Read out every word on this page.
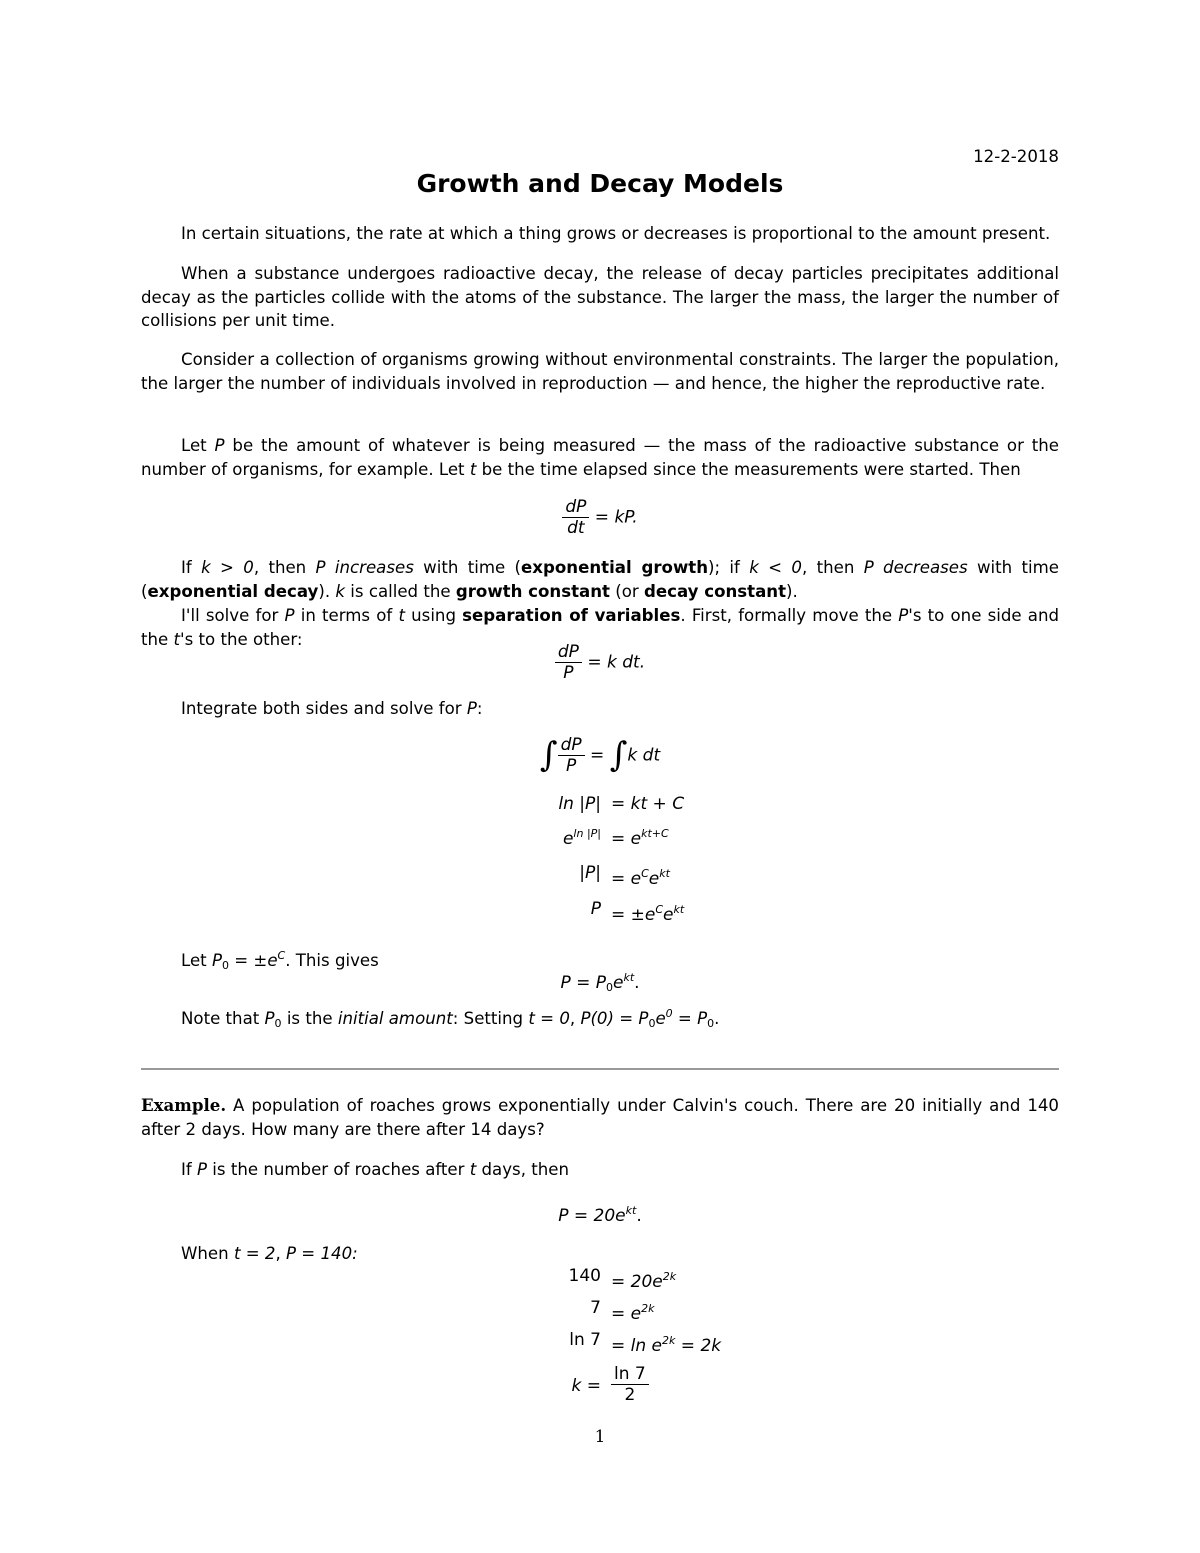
12-2-2018
Growth and Decay Models

In certain situations, the rate at which a thing grows or decreases is proportional to the amount present.

When a substance undergoes radioactive decay, the release of decay particles precipitates additional decay as the particles collide with the atoms of the substance. The larger the mass, the larger the number of collisions per unit time.

Consider a collection of organisms growing without environmental constraints. The larger the population, the larger the number of individuals involved in reproduction — and hence, the higher the reproductive rate.

Let P be the amount of whatever is being measured — the mass of the radioactive substance or the number of organisms, for example. Let t be the time elapsed since the measurements were started. Then

$\frac{dP}{dt}$ = kP.

If k > 0, then P increases with time (exponential growth); if k < 0, then P decreases with time (exponential decay). k is called the growth constant (or decay constant).

I'll solve for P in terms of t using separation of variables. First, formally move the P's to one side and the t's to the other:

$\frac{dP}{P} = k$ dt.

Integrate both sides and solve for P:

∫ $\frac{dP}{P} = \int k$ dt
ln |P| = kt + C
$e^{ln |P|} = e^{kt+C}$
$|P| = e^Ce^{kt}$
$P = \pm e^Ce^{kt}$

Let $P_0 = \pm e^C$. This gives

$P = P_0e^{kt}$.

Note that $P_0$ is the initial amount: Setting t = 0, $P(0) = P_0e^0 = P_0$.

Example. A population of roaches grows exponentially under Calvin's couch. There are 20 initially and 140 after 2 days. How many are there after 14 days?

If P is the number of roaches after t days, then

$P = 20e^{kt}$.

When t = 2, P = 140:

$140 = 20e^{2k}$
$7 = e^{2k}$
$\ln 7 = \ln e^{2k} = 2k$
$k = \frac{\ln 7}{2}$
1
